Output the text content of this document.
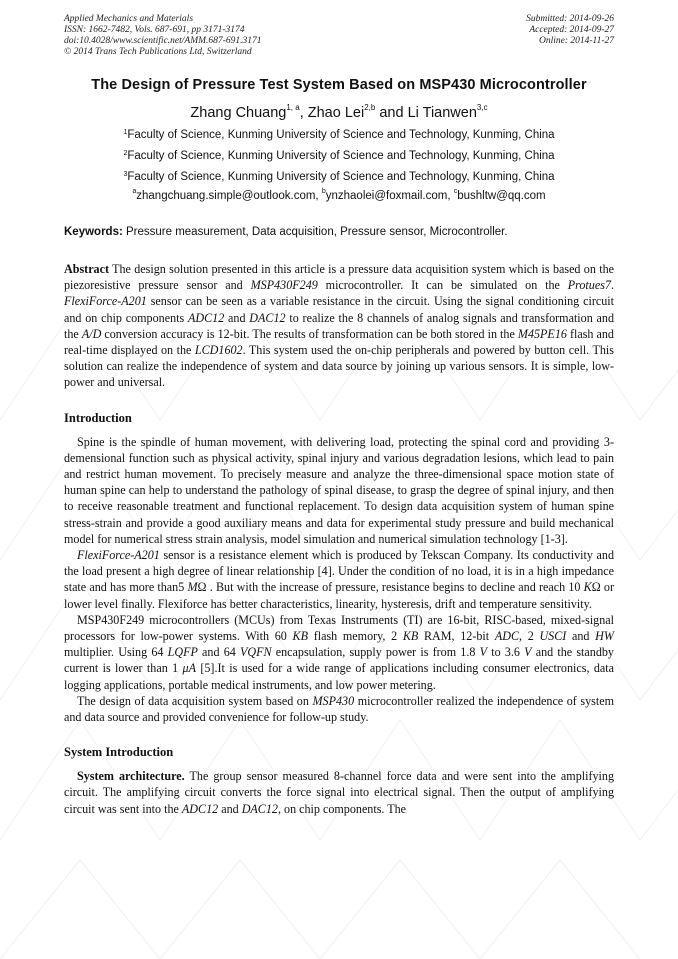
Applied Mechanics and Materials
ISSN: 1662-7482, Vols. 687-691, pp 3171-3174
doi:10.4028/www.scientific.net/AMM.687-691.3171
© 2014 Trans Tech Publications Ltd, Switzerland
Submitted: 2014-09-26
Accepted: 2014-09-27
Online: 2014-11-27
The Design of Pressure Test System Based on MSP430 Microcontroller
Zhang Chuang$^{1, a}$, Zhao Lei$^{2,b}$ and Li Tianwen$^{3,c}$
$^1$Faculty of Science, Kunming University of Science and Technology, Kunming, China
$^2$Faculty of Science, Kunming University of Science and Technology, Kunming, China
$^3$Faculty of Science, Kunming University of Science and Technology, Kunming, China
$^a$zhangchuang.simple@outlook.com, $^b$ynzhaolei@foxmail.com, $^c$bushltw@qq.com
Keywords: Pressure measurement, Data acquisition, Pressure sensor, Microcontroller.
Abstract The design solution presented in this article is a pressure data acquisition system which is based on the piezoresistive pressure sensor and MSP430F249 microcontroller. It can be simulated on the Protues7. FlexiForce-A201 sensor can be seen as a variable resistance in the circuit. Using the signal conditioning circuit and on chip components ADC12 and DAC12 to realize the 8 channels of analog signals and transformation and the A/D conversion accuracy is 12-bit. The results of transformation can be both stored in the M45PE16 flash and real-time displayed on the LCD1602. This system used the on-chip peripherals and powered by button cell. This solution can realize the independence of system and data source by joining up various sensors. It is simple, low-power and universal.
Introduction

Spine is the spindle of human movement, with delivering load, protecting the spinal cord and providing 3-demensional function such as physical activity, spinal injury and various degradation lesions, which lead to pain and restrict human movement. To precisely measure and analyze the three-dimensional space motion state of human spine can help to understand the pathology of spinal disease, to grasp the degree of spinal injury, and then to receive reasonable treatment and functional replacement. To design data acquisition system of human spine stress-strain and provide a good auxiliary means and data for experimental study pressure and build mechanical model for numerical stress strain analysis, model simulation and numerical simulation technology [1-3].

FlexiForce-A201 sensor is a resistance element which is produced by Tekscan Company. Its conductivity and the load present a high degree of linear relationship [4]. Under the condition of no load, it is in a high impedance state and has more than5 MΩ . But with the increase of pressure, resistance begins to decline and reach 10 KΩ or lower level finally. Flexiforce has better characteristics, linearity, hysteresis, drift and temperature sensitivity.

MSP430F249 microcontrollers (MCUs) from Texas Instruments (TI) are 16-bit, RISC-based, mixed-signal processors for low-power systems. With 60 KB flash memory, 2 KB RAM, 12-bit ADC, 2 USCI and HW multiplier. Using 64 LQFP and 64 VQFN encapsulation, supply power is from 1.8 V to 3.6 V and the standby current is lower than 1 μA [5].It is used for a wide range of applications including consumer electronics, data logging applications, portable medical instruments, and low power metering.

The design of data acquisition system based on MSP430 microcontroller realized the independence of system and data source and provided convenience for follow-up study.

System Introduction

System architecture. The group sensor measured 8-channel force data and were sent into the amplifying circuit. The amplifying circuit converts the force signal into electrical signal. Then the output of amplifying circuit was sent into the ADC12 and DAC12, on chip components. The
